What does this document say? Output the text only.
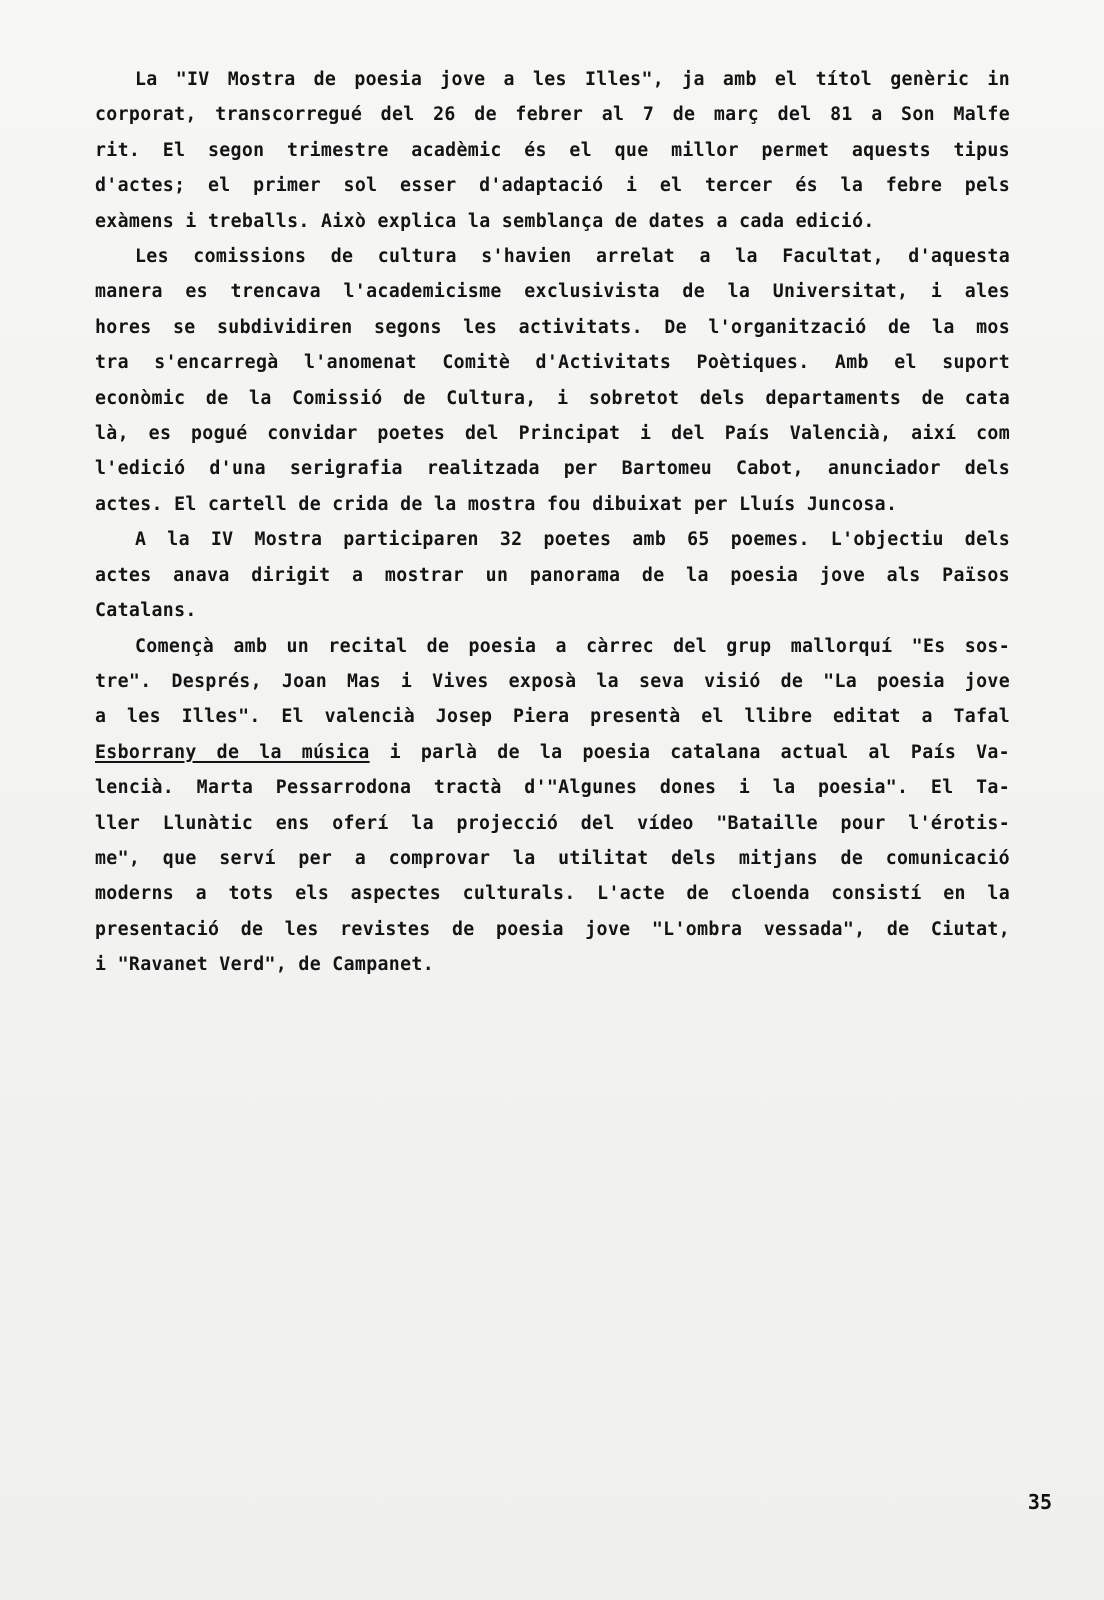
La "IV Mostra de poesia jove a les Illes", ja amb el títol genèric in
corporat, transcorregué del 26 de febrer al 7 de març del 81 a Son Malfe
rit. El segon trimestre acadèmic és el que millor permet aquests tipus
d'actes; el primer sol esser d'adaptació i el tercer és la febre pels
exàmens i treballs. Això explica la semblança de dates a cada edició.

Les comissions de cultura s'havien arrelat a la Facultat, d'aquesta
manera es trencava l'academicisme exclusivista de la Universitat, i ales
hores se subdividiren segons les activitats. De l'organització de la mos
tra s'encarregà l'anomenat Comitè d'Activitats Poètiques. Amb el suport
econòmic de la Comissió de Cultura, i sobretot dels departaments de cata
là, es pogué convidar poetes del Principat i del País Valencià, així com
l'edició d'una serigrafia realitzada per Bartomeu Cabot, anunciador dels
actes. El cartell de crida de la mostra fou dibuixat per Lluís Juncosa.

A la IV Mostra participaren 32 poetes amb 65 poemes. L'objectiu dels
actes anava dirigit a mostrar un panorama de la poesia jove als Països
Catalans.

Començà amb un recital de poesia a càrrec del grup mallorquí "Es sos-
tre". Després, Joan Mas i Vives exposà la seva visió de "La poesia jove
a les Illes". El valencià Josep Piera presentà el llibre editat a Tafal
Esborrany de la música i parlà de la poesia catalana actual al País Va-
lencià. Marta Pessarrodona tractà d'"Algunes dones i la poesia". El Ta-
ller Llunàtic ens oferí la projecció del vídeo "Bataille pour l'érotis-
me", que serví per a comprovar la utilitat dels mitjans de comunicació
moderns a tots els aspectes culturals. L'acte de cloenda consistí en la
presentació de les revistes de poesia jove "L'ombra vessada", de Ciutat,
i "Ravanet Verd", de Campanet.

35
